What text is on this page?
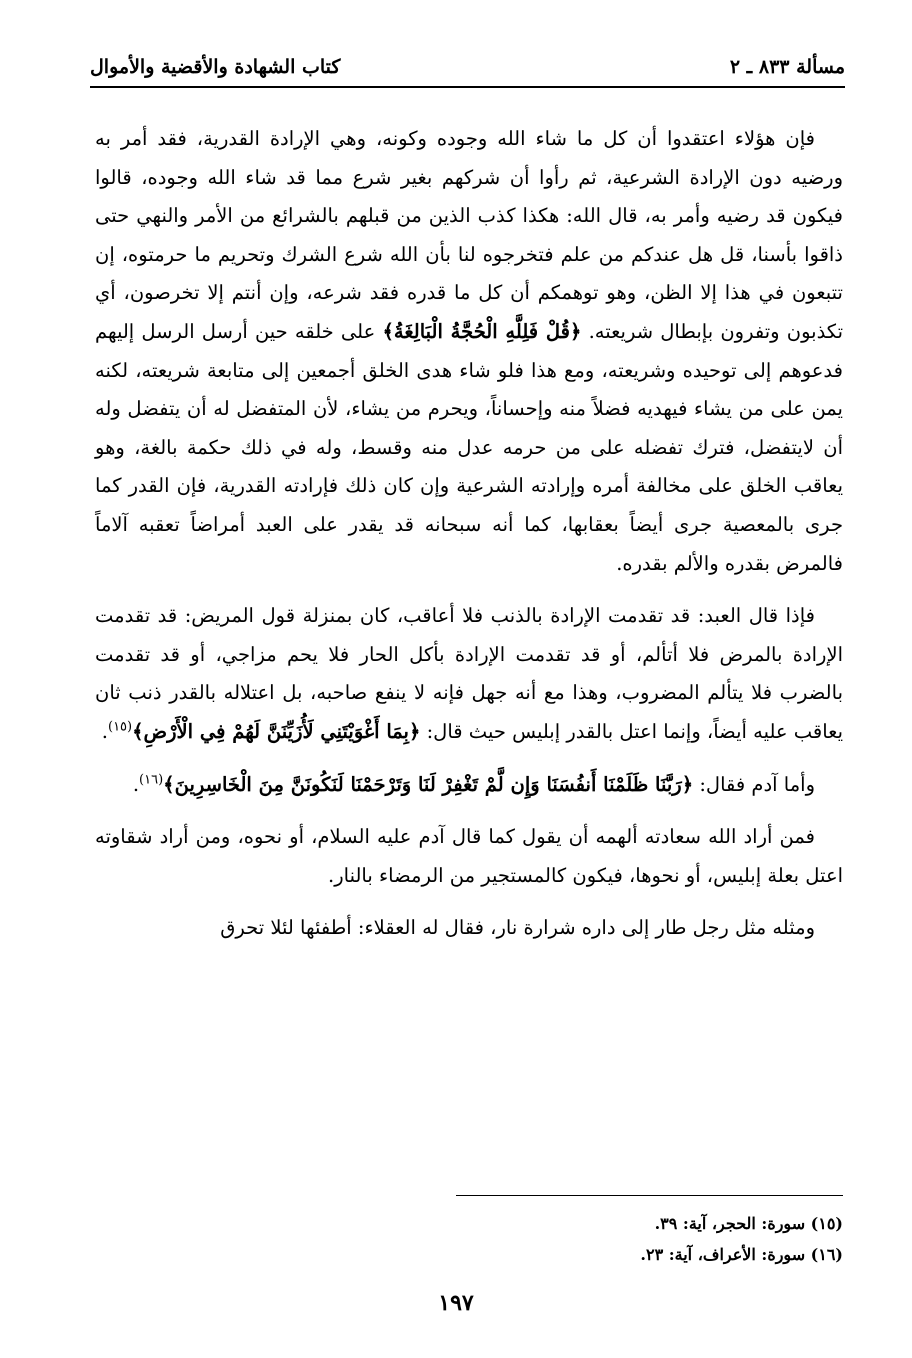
مسألة ٨٣٣ ـ ٢
كتاب الشهادة والأقضية والأموال

فإن هؤلاء اعتقدوا أن كل ما شاء الله وجوده وكونه، وهي الإرادة القدرية، فقد أمر به ورضيه دون الإرادة الشرعية، ثم رأوا أن شركهم بغير شرع مما قد شاء الله وجوده، قالوا فيكون قد رضيه وأمر به، قال الله: هكذا كذب الذين من قبلهم بالشرائع من الأمر والنهي حتى ذاقوا بأسنا، قل هل عندكم من علم فتخرجوه لنا بأن الله شرع الشرك وتحريم ما حرمتوه، إن تتبعون في هذا إلا الظن، وهو توهمكم أن كل ما قدره فقد شرعه، وإن أنتم إلا تخرصون، أي تكذبون وتفرون بإبطال شريعته. ﴿قُلْ فَلِلَّهِ الْحُجَّةُ الْبَالِغَةُ﴾ على خلقه حين أرسل الرسل إليهم فدعوهم إلى توحيده وشريعته، ومع هذا فلو شاء هدى الخلق أجمعين إلى متابعة شريعته، لكنه يمن على من يشاء فيهديه فضلاً منه وإحساناً، ويحرم من يشاء، لأن المتفضل له أن يتفضل وله أن لايتفضل، فترك تفضله على من حرمه عدل منه وقسط، وله في ذلك حكمة بالغة، وهو يعاقب الخلق على مخالفة أمره وإرادته الشرعية وإن كان ذلك فإرادته القدرية، فإن القدر كما جرى بالمعصية جرى أيضاً بعقابها، كما أنه سبحانه قد يقدر على العبد أمراضاً تعقبه آلاماً فالمرض بقدره والألم بقدره.

فإذا قال العبد: قد تقدمت الإرادة بالذنب فلا أعاقب، كان بمنزلة قول المريض: قد تقدمت الإرادة بالمرض فلا أتألم، أو قد تقدمت الإرادة بأكل الحار فلا يحم مزاجي، أو قد تقدمت بالضرب فلا يتألم المضروب، وهذا مع أنه جهل فإنه لا ينفع صاحبه، بل اعتلاله بالقدر ذنب ثان يعاقب عليه أيضاً، وإنما اعتل بالقدر إبليس حيث قال: ﴿بِمَا أَغْوَيْتَنِي لَأُزَيِّنَنَّ لَهُمْ فِي الْأَرْضِ﴾$^{(١٥)}$.

وأما آدم فقال: ﴿رَبَّنَا ظَلَمْنَا أَنفُسَنَا وَإِن لَّمْ تَغْفِرْ لَنَا وَتَرْحَمْنَا لَنَكُونَنَّ مِنَ الْخَاسِرِينَ﴾$^{(١٦)}$.

فمن أراد الله سعادته ألهمه أن يقول كما قال آدم عليه السلام، أو نحوه، ومن أراد شقاوته اعتل بعلة إبليس، أو نحوها، فيكون كالمستجير من الرمضاء بالنار.

ومثله مثل رجل طار إلى داره شرارة نار، فقال له العقلاء: أطفئها لئلا تحرق

(١٥) سورة: الحجر، آية: ٣٩.

(١٦) سورة: الأعراف، آية: ٢٣.

١٩٧
